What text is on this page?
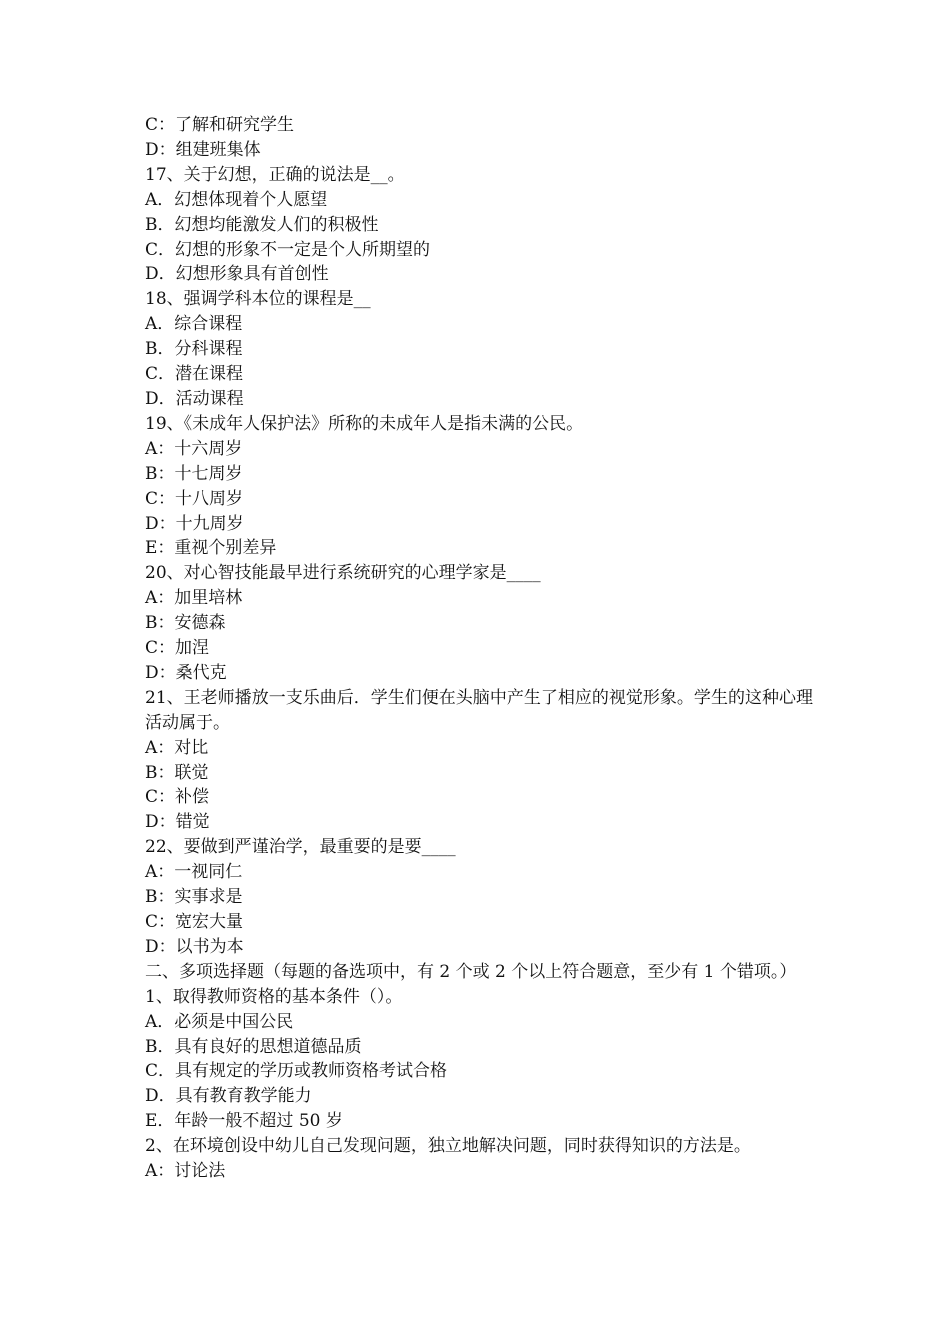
C：了解和研究学生

D：组建班集体

17、关于幻想，正确的说法是__。

A．幻想体现着个人愿望

B．幻想均能激发人们的积极性

C．幻想的形象不一定是个人所期望的

D．幻想形象具有首创性

18、强调学科本位的课程是__

A．综合课程

B．分科课程

C．潜在课程

D．活动课程

19、《未成年人保护法》所称的未成年人是指未满的公民。

A：十六周岁

B：十七周岁

C：十八周岁

D：十九周岁

E：重视个别差异

20、对心智技能最早进行系统研究的心理学家是____

A：加里培林

B：安德森

C：加涅

D：桑代克

21、王老师播放一支乐曲后．学生们便在头脑中产生了相应的视觉形象。学生的这种心理活动属于。

A：对比

B：联觉

C：补偿

D：错觉

22、要做到严谨治学，最重要的是要____

A：一视同仁

B：实事求是

C：宽宏大量

D：以书为本

二、多项选择题（每题的备选项中，有 2 个或 2 个以上符合题意，至少有 1 个错项。）

1、取得教师资格的基本条件（）。

A．必须是中国公民

B．具有良好的思想道德品质

C．具有规定的学历或教师资格考试合格

D．具有教育教学能力

E．年龄一般不超过 50 岁

2、在环境创设中幼儿自己发现问题，独立地解决问题，同时获得知识的方法是。

A：讨论法
